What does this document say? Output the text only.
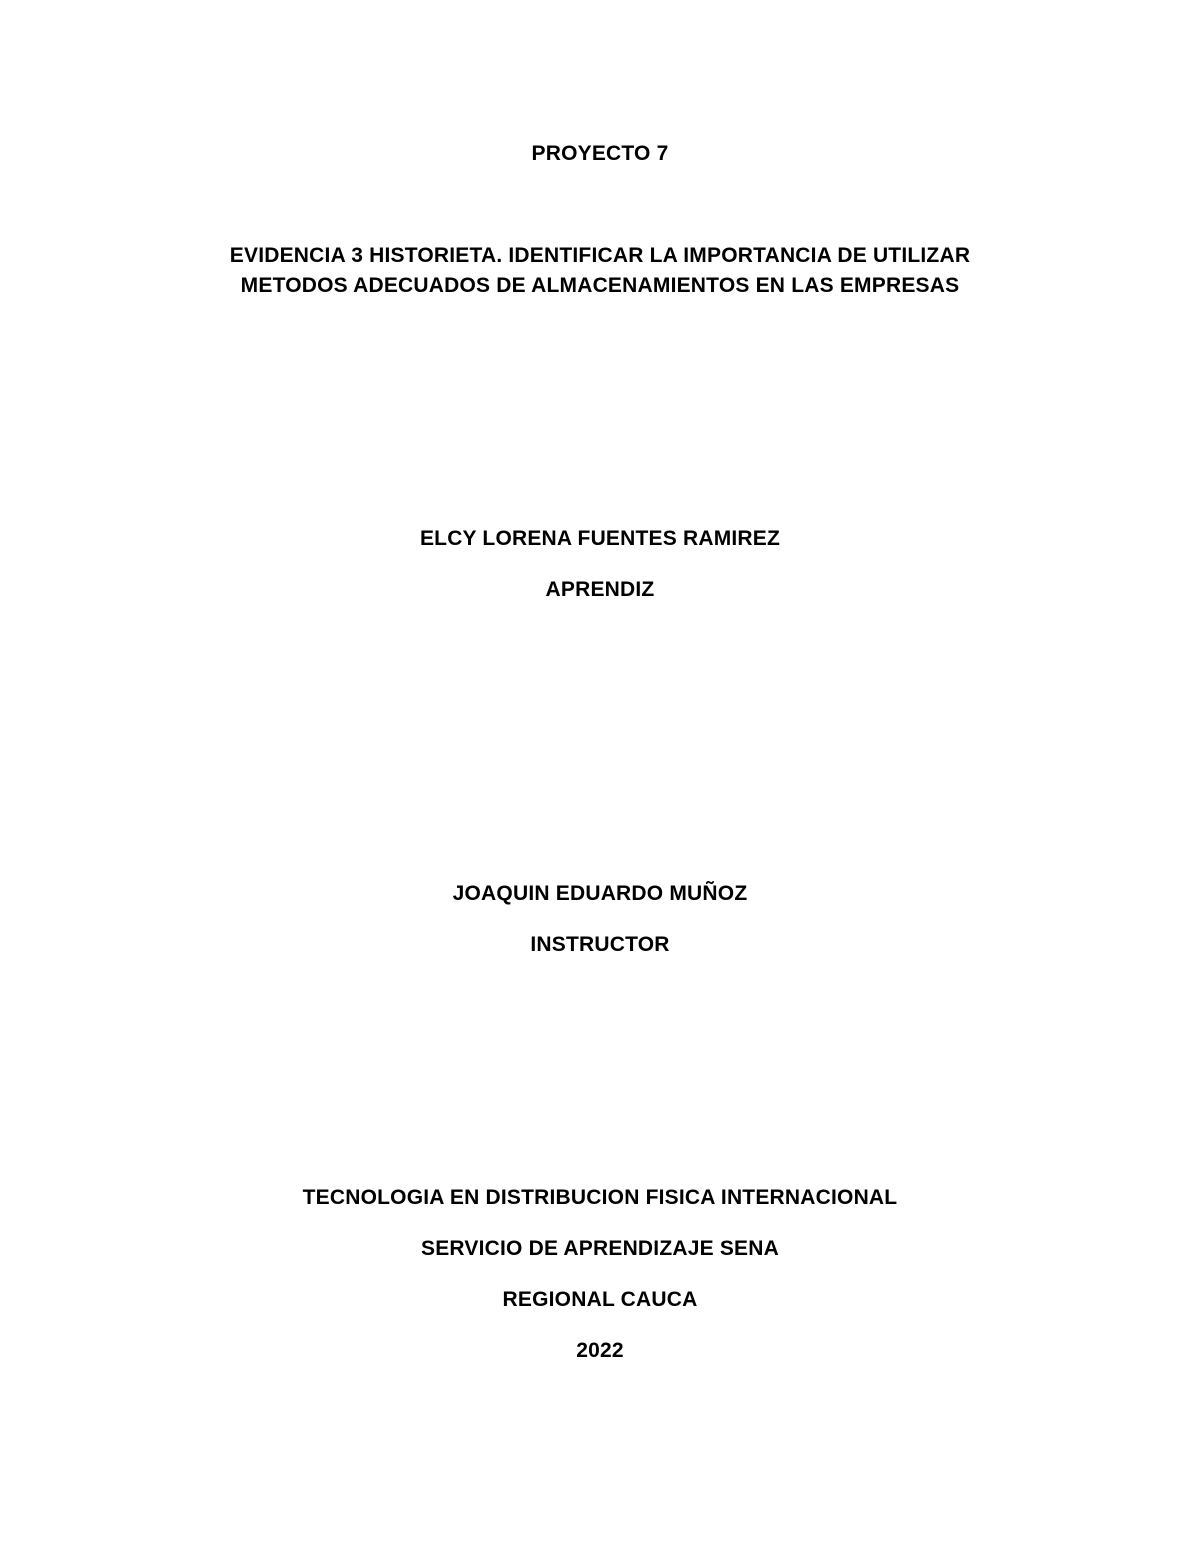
PROYECTO 7
EVIDENCIA 3 HISTORIETA. IDENTIFICAR LA IMPORTANCIA DE UTILIZAR
METODOS ADECUADOS DE ALMACENAMIENTOS EN LAS EMPRESAS
ELCY LORENA FUENTES RAMIREZ
APRENDIZ
JOAQUIN EDUARDO MUÑOZ
INSTRUCTOR
TECNOLOGIA EN DISTRIBUCION FISICA INTERNACIONAL
SERVICIO DE APRENDIZAJE SENA
REGIONAL CAUCA
2022
